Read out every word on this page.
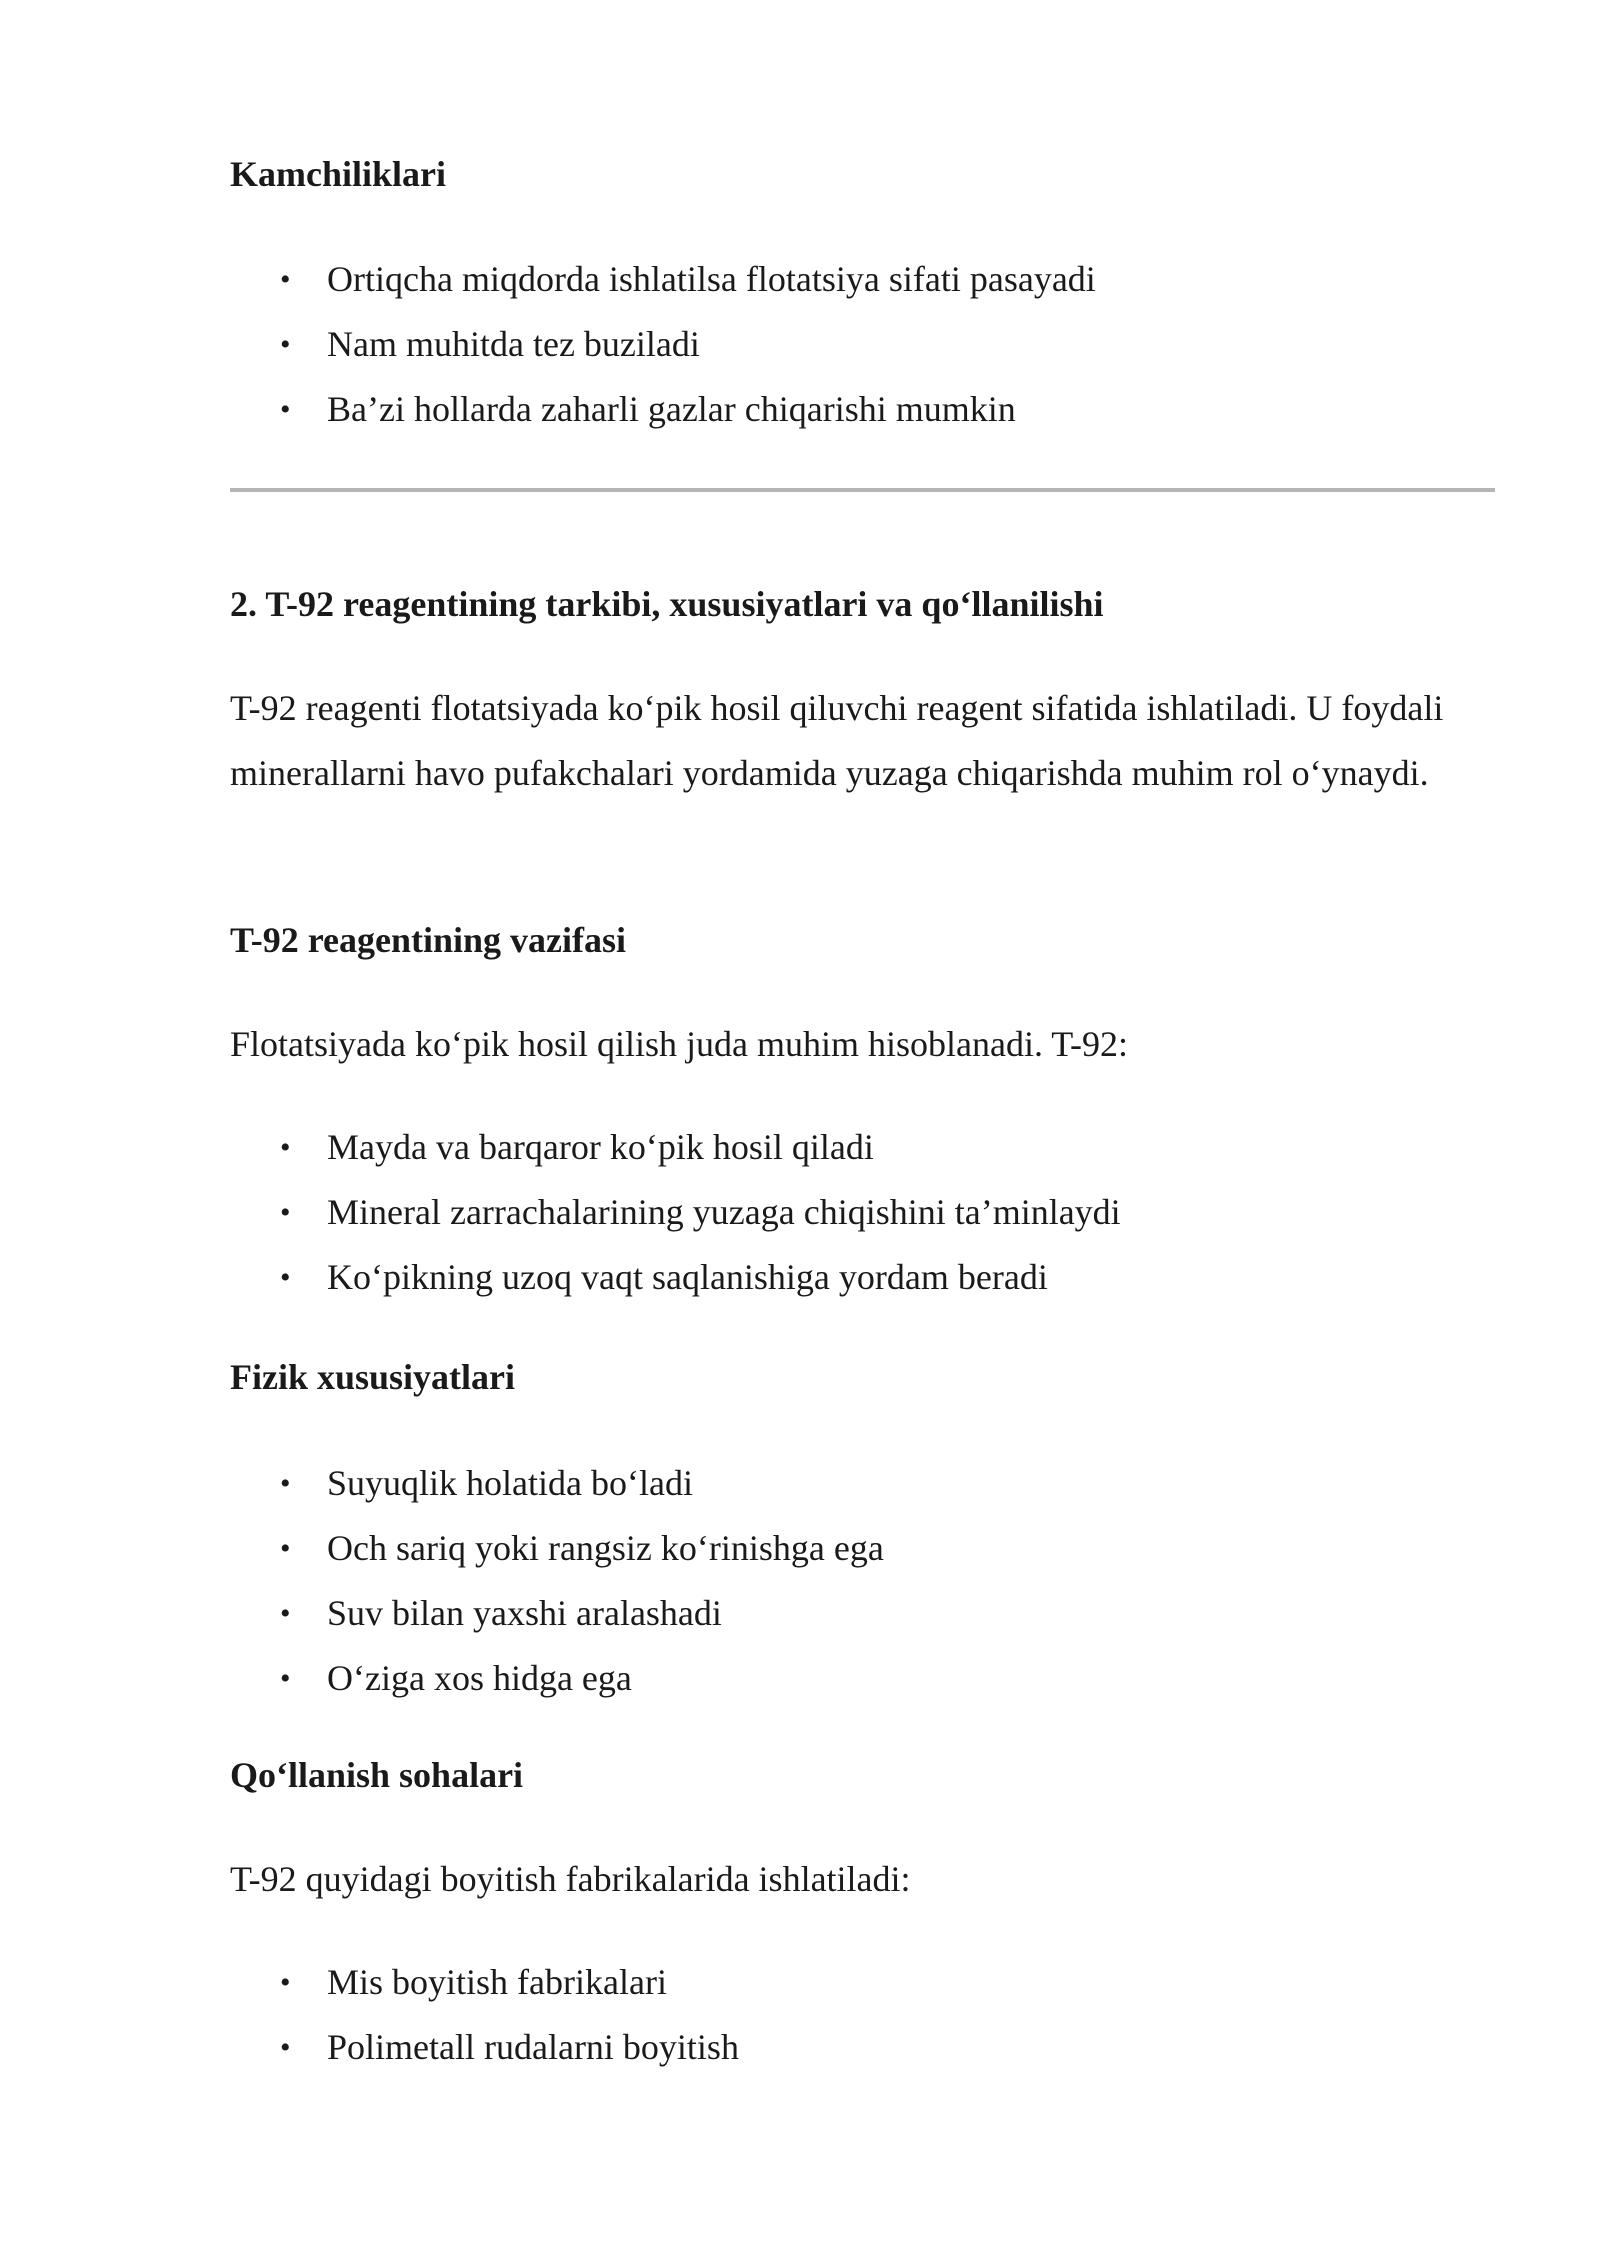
Kamchiliklari
• Ortiqcha miqdorda ishlatilsa flotatsiya sifati pasayadi
• Nam muhitda tez buziladi
• Ba’zi hollarda zaharli gazlar chiqarishi mumkin
2. T-92 reagentining tarkibi, xususiyatlari va qo‘llanilishi
T-92 reagenti flotatsiyada ko‘pik hosil qiluvchi reagent sifatida ishlatiladi. U foydali minerallarni havo pufakchalari yordamida yuzaga chiqarishda muhim rol o‘ynaydi.
T-92 reagentining vazifasi
Flotatsiyada ko‘pik hosil qilish juda muhim hisoblanadi. T-92:
• Mayda va barqaror ko‘pik hosil qiladi
• Mineral zarrachalarining yuzaga chiqishini ta’minlaydi
• Ko‘pikning uzoq vaqt saqlanishiga yordam beradi
Fizik xususiyatlari
• Suyuqlik holatida bo‘ladi
• Och sariq yoki rangsiz ko‘rinishga ega
• Suv bilan yaxshi aralashadi
• O‘ziga xos hidga ega
Qo‘llanish sohalari
T-92 quyidagi boyitish fabrikalarida ishlatiladi:
• Mis boyitish fabrikalari
• Polimetall rudalarni boyitish
